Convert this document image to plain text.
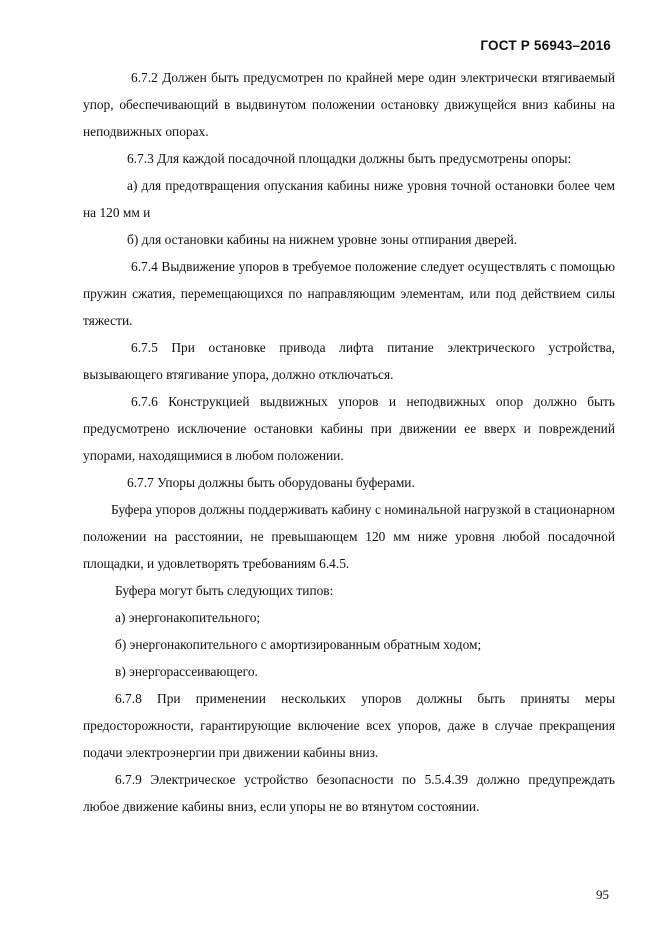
ГОСТ Р 56943–2016

6.7.2 Должен быть предусмотрен по крайней мере один электрически втягиваемый упор, обеспечивающий в выдвинутом положении остановку движущейся вниз кабины на неподвижных опорах.

6.7.3 Для каждой посадочной площадки должны быть предусмотрены опоры:

а) для предотвращения опускания кабины ниже уровня точной остановки более чем на 120 мм и

б) для остановки кабины на нижнем уровне зоны отпирания дверей.

6.7.4 Выдвижение упоров в требуемое положение следует осуществлять с помощью пружин сжатия, перемещающихся по направляющим элементам, или под действием силы тяжести.

6.7.5 При остановке привода лифта питание электрического устройства, вызывающего втягивание упора, должно отключаться.

6.7.6 Конструкцией выдвижных упоров и неподвижных опор должно быть предусмотрено исключение остановки кабины при движении ее вверх и повреждений упорами, находящимися в любом положении.

6.7.7 Упоры должны быть оборудованы буферами.

Буфера упоров должны поддерживать кабину с номинальной нагрузкой в стационарном положении на расстоянии, не превышающем 120 мм ниже уровня любой посадочной площадки, и удовлетворять требованиям 6.4.5.

Буфера могут быть следующих типов:

а) энергонакопительного;

б) энергонакопительного с амортизированным обратным ходом;

в) энергорассеивающего.

6.7.8 При применении нескольких упоров должны быть приняты меры предосторожности, гарантирующие включение всех упоров, даже в случае прекращения подачи электроэнергии при движении кабины вниз.

6.7.9 Электрическое устройство безопасности по 5.5.4.39 должно предупреждать любое движение кабины вниз, если упоры не во втянутом состоянии.

95
